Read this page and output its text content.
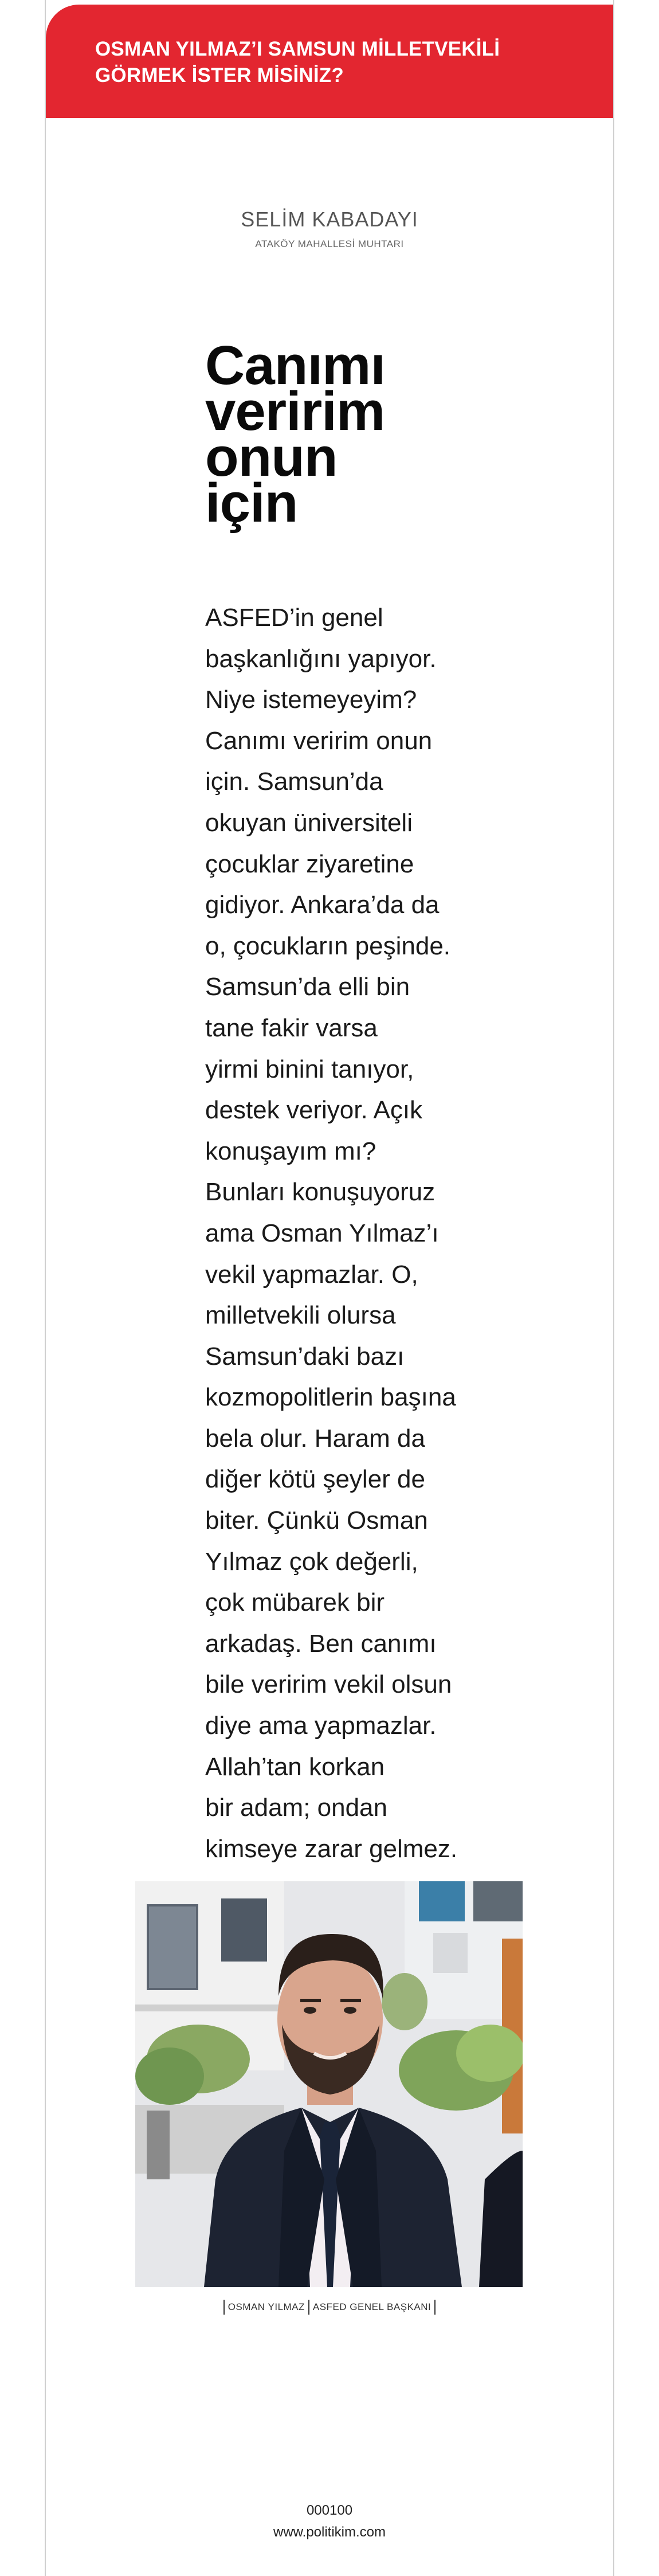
OSMAN YILMAZ’I SAMSUN MİLLETVEKİLİ
GÖRMEK İSTER MİSİNİZ?
SELİM KABADAYI
ATAKÖY MAHALLESİ MUHTARI
Canımı
veririm
onun
için
ASFED’in genel
başkanlığını yapıyor.
Niye istemeyeyim?
Canımı veririm onun
için. Samsun’da
okuyan üniversiteli
çocuklar ziyaretine
gidiyor. Ankara’da da
o, çocukların peşinde.
Samsun’da elli bin
tane fakir varsa
yirmi binini tanıyor,
destek veriyor. Açık
konuşayım mı?
Bunları konuşuyoruz
ama Osman Yılmaz’ı
vekil yapmazlar. O,
milletvekili olursa
Samsun’daki bazı
kozmopolitlerin başına
bela olur. Haram da
diğer kötü şeyler de
biter. Çünkü Osman
Yılmaz çok değerli,
çok mübarek bir
arkadaş. Ben canımı
bile veririm vekil olsun
diye ama yapmazlar.
Allah’tan korkan
bir adam; ondan
kimseye zarar gelmez.
OSMAN YILMAZ ASFED GENEL BAŞKANI
000100
www.politikim.com
